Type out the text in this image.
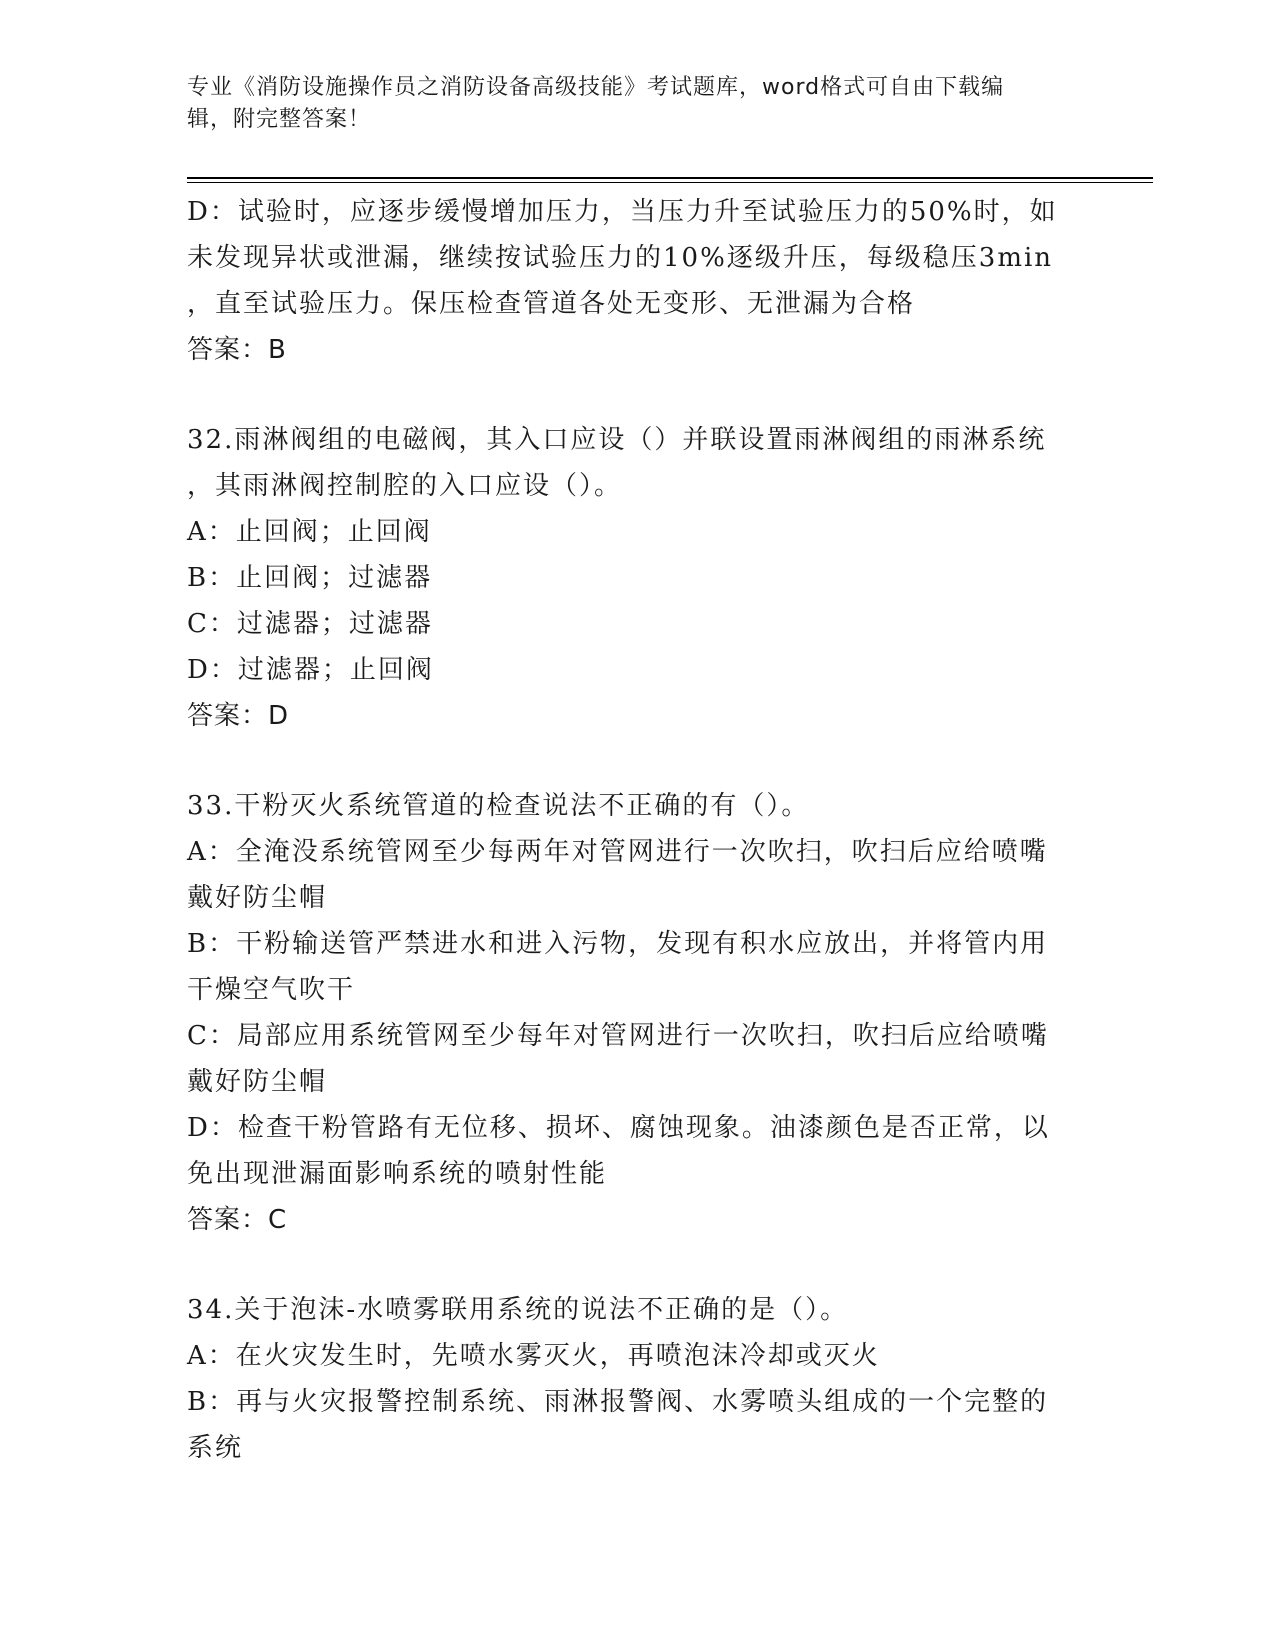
专业《消防设施操作员之消防设备高级技能》考试题库，word格式可自由下载编
辑，附完整答案！
D：试验时，应逐步缓慢增加压力，当压力升至试验压力的50%时，如
未发现异状或泄漏，继续按试验压力的10%逐级升压，每级稳压3min
，直至试验压力。保压检查管道各处无变形、无泄漏为合格
答案：B
32.雨淋阀组的电磁阀，其入口应设（）并联设置雨淋阀组的雨淋系统
，其雨淋阀控制腔的入口应设（）。
A：止回阀；止回阀
B：止回阀；过滤器
C：过滤器；过滤器
D：过滤器；止回阀
答案：D
33.干粉灭火系统管道的检查说法不正确的有（）。
A：全淹没系统管网至少每两年对管网进行一次吹扫，吹扫后应给喷嘴
戴好防尘帽
B：干粉输送管严禁进水和进入污物，发现有积水应放出，并将管内用
干燥空气吹干
C：局部应用系统管网至少每年对管网进行一次吹扫，吹扫后应给喷嘴
戴好防尘帽
D：检查干粉管路有无位移、损坏、腐蚀现象。油漆颜色是否正常，以
免出现泄漏面影响系统的喷射性能
答案：C
34.关于泡沫-水喷雾联用系统的说法不正确的是（）。
A：在火灾发生时，先喷水雾灭火，再喷泡沫冷却或灭火
B：再与火灾报警控制系统、雨淋报警阀、水雾喷头组成的一个完整的
系统
